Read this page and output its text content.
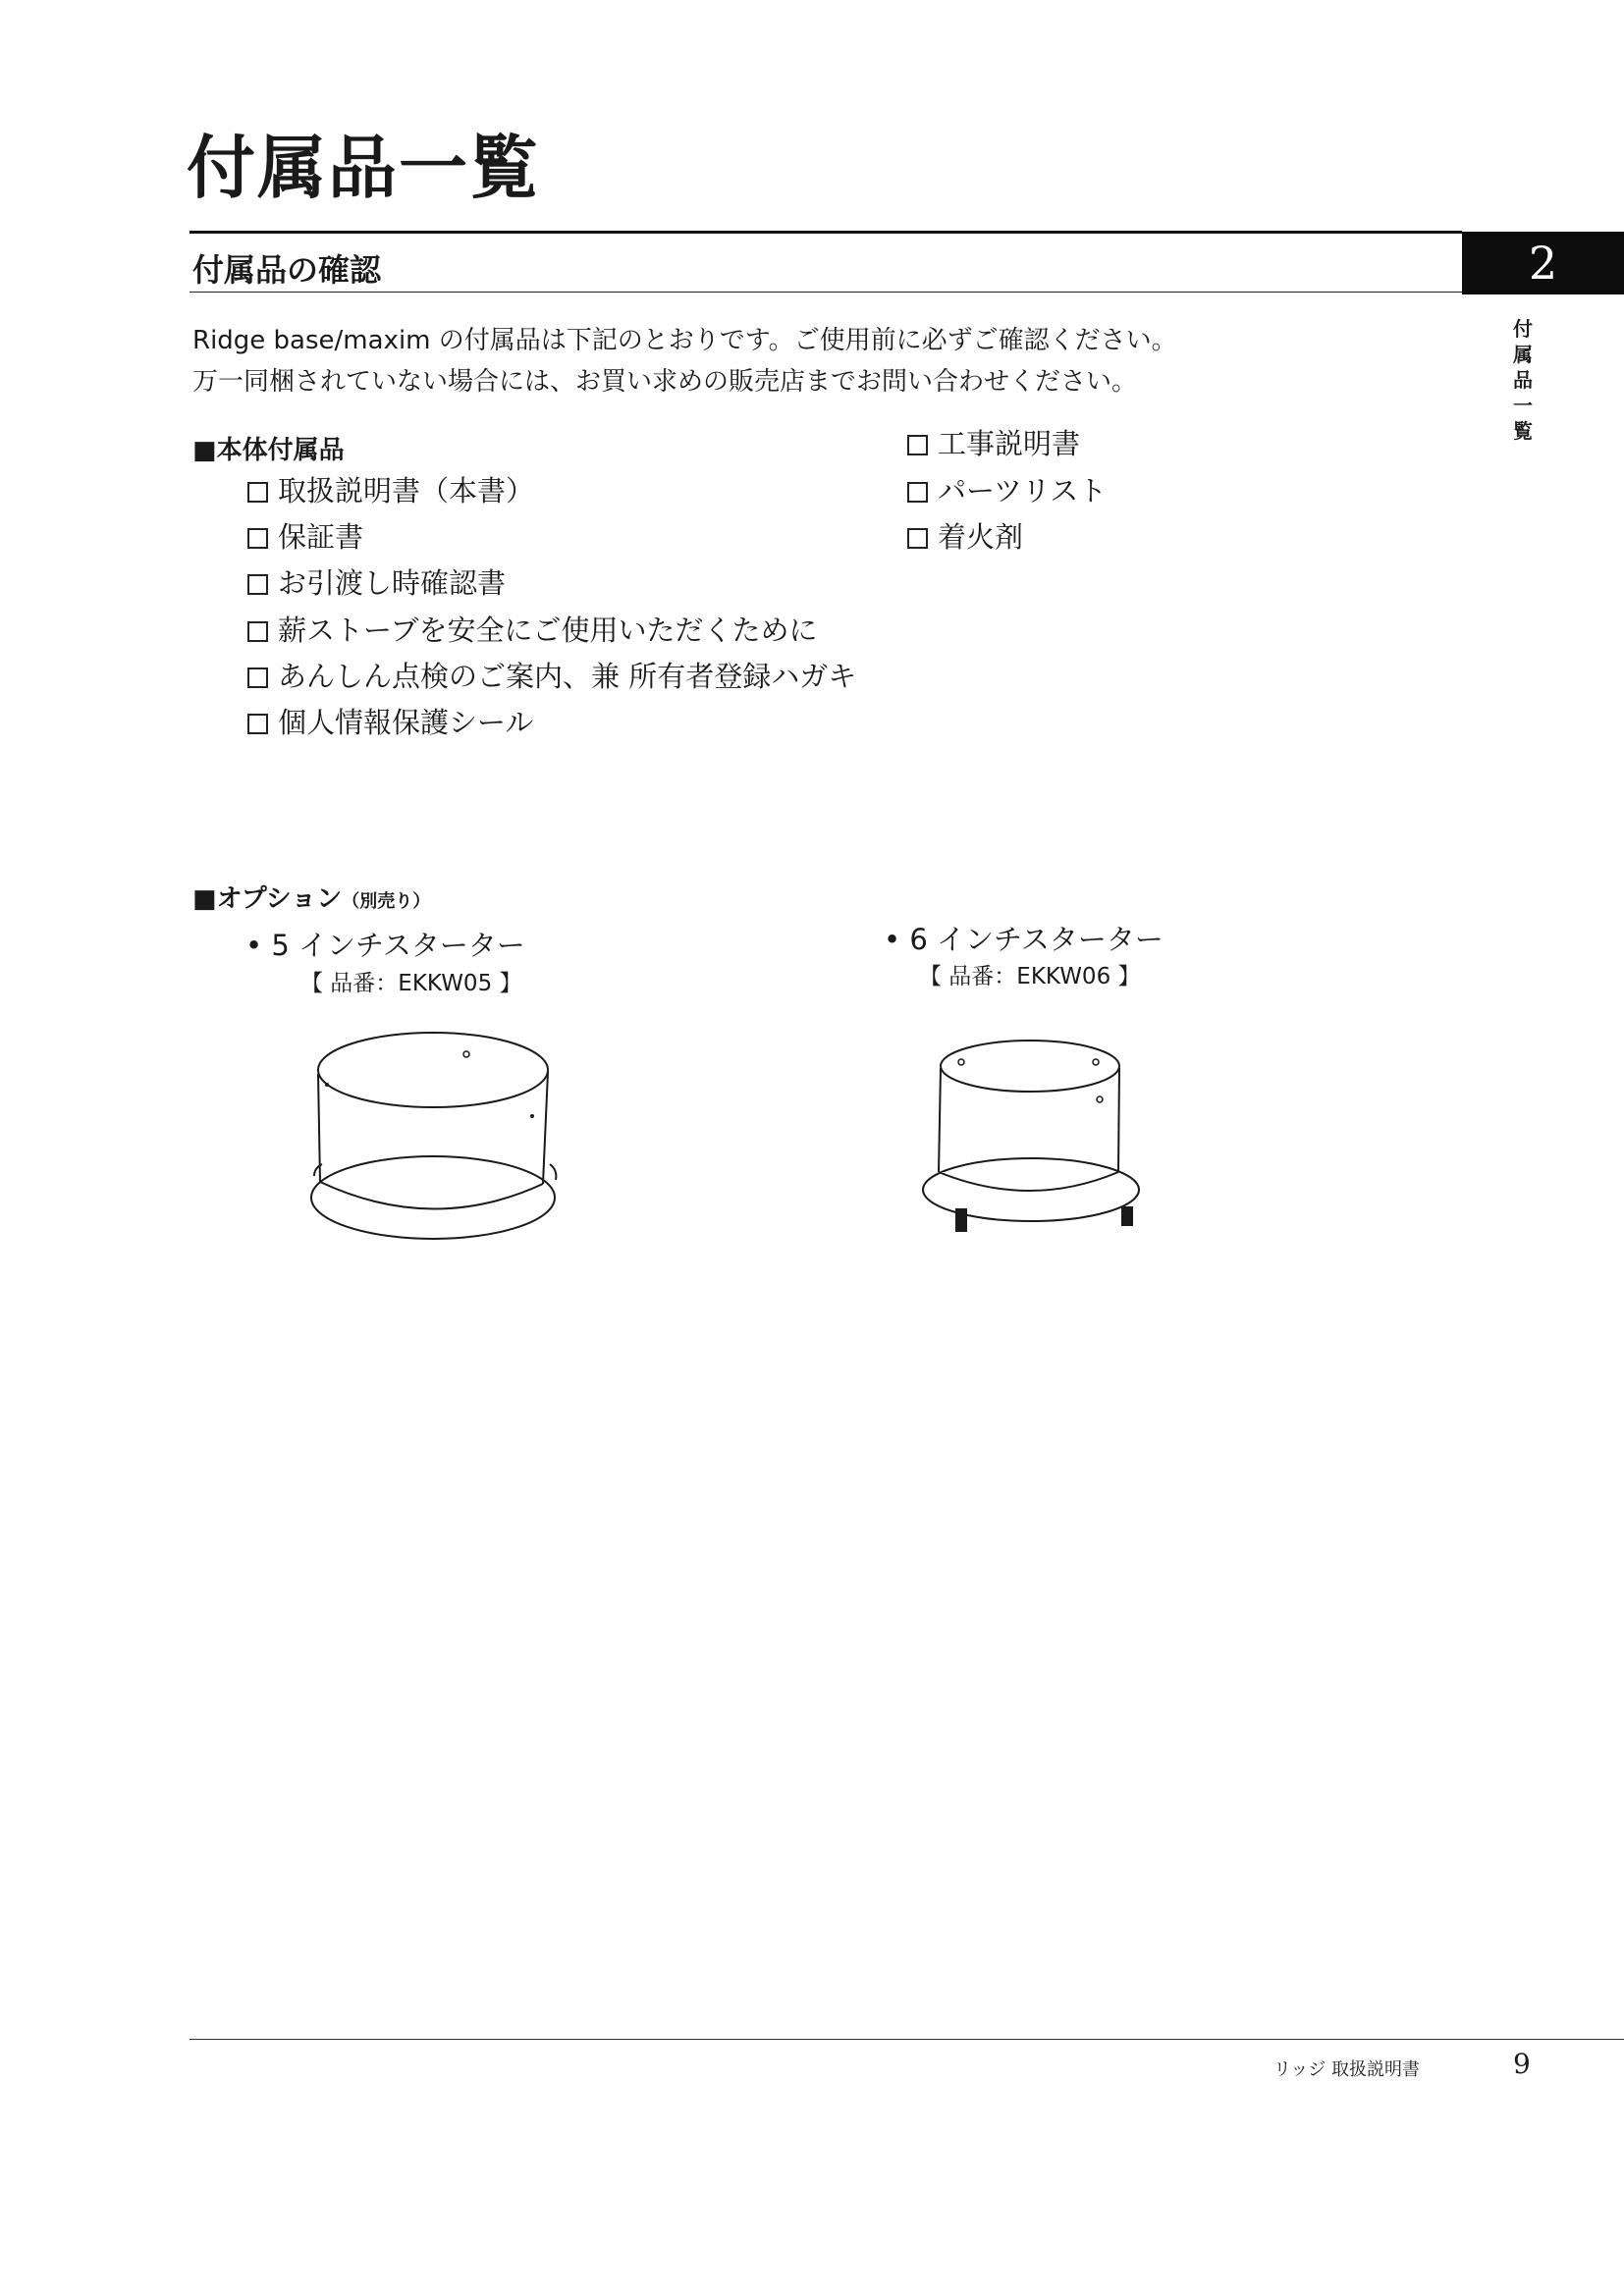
付属品一覧
付属品の確認	2
付
属
品
一
覧
Ridge base/maxim の付属品は下記のとおりです。ご使用前に必ずご確認ください。
万一同梱されていない場合には、お買い求めの販売店までお問い合わせください。
■本体付属品
取扱説明書（本書）
保証書
お引渡し時確認書
薪ストーブを安全にご使用いただくために
あんしん点検のご案内、兼 所有者登録ハガキ
個人情報保護シール
工事説明書
パーツリスト
着火剤
■オプション（別売り）
• 5 インチスターター
【 品番：EKKW05 】
• 6 インチスターター
【 品番：EKKW06 】
リッジ 取扱説明書	9
